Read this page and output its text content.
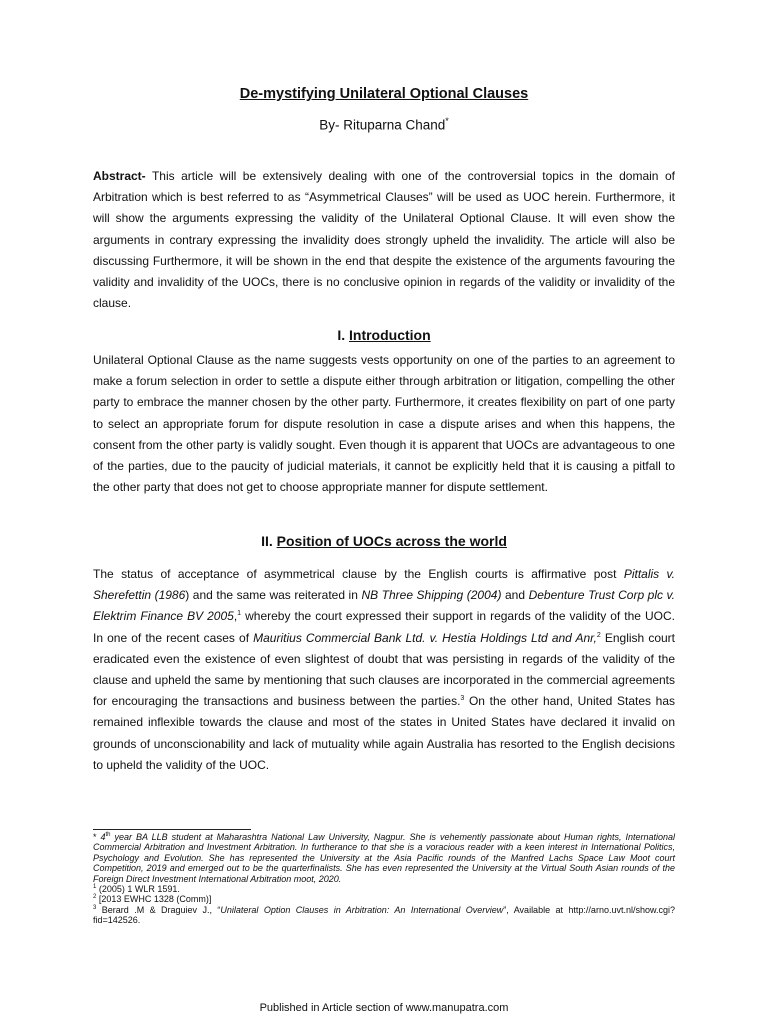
De-mystifying Unilateral Optional Clauses
By- Rituparna Chand*
Abstract- This article will be extensively dealing with one of the controversial topics in the domain of Arbitration which is best referred to as “Asymmetrical Clauses” will be used as UOC herein. Furthermore, it will show the arguments expressing the validity of the Unilateral Optional Clause. It will even show the arguments in contrary expressing the invalidity does strongly upheld the invalidity. The article will also be discussing Furthermore, it will be shown in the end that despite the existence of the arguments favouring the validity and invalidity of the UOCs, there is no conclusive opinion in regards of the validity or invalidity of the clause.
I. Introduction
Unilateral Optional Clause as the name suggests vests opportunity on one of the parties to an agreement to make a forum selection in order to settle a dispute either through arbitration or litigation, compelling the other party to embrace the manner chosen by the other party. Furthermore, it creates flexibility on part of one party to select an appropriate forum for dispute resolution in case a dispute arises and when this happens, the consent from the other party is validly sought. Even though it is apparent that UOCs are advantageous to one of the parties, due to the paucity of judicial materials, it cannot be explicitly held that it is causing a pitfall to the other party that does not get to choose appropriate manner for dispute settlement.
II. Position of UOCs across the world
The status of acceptance of asymmetrical clause by the English courts is affirmative post Pittalis v. Sherefettin (1986) and the same was reiterated in NB Three Shipping (2004) and Debenture Trust Corp plc v. Elektrim Finance BV 2005,$^1$ whereby the court expressed their support in regards of the validity of the UOC. In one of the recent cases of Mauritius Commercial Bank Ltd. v. Hestia Holdings Ltd and Anr,$^2$ English court eradicated even the existence of even slightest of doubt that was persisting in regards of the validity of the clause and upheld the same by mentioning that such clauses are incorporated in the commercial agreements for encouraging the transactions and business between the parties.$^3$ On the other hand, United States has remained inflexible towards the clause and most of the states in United States have declared it invalid on grounds of unconscionability and lack of mutuality while again Australia has resorted to the English decisions to upheld the validity of the UOC.

* 4th year BA LLB student at Maharashtra National Law University, Nagpur. She is vehemently passionate about Human rights, International Commercial Arbitration and Investment Arbitration. In furtherance to that she is a voracious reader with a keen interest in International Politics, Psychology and Evolution. She has represented the University at the Asia Pacific rounds of the Manfred Lachs Space Law Moot court Competition, 2019 and emerged out to be the quarterfinalists. She has even represented the University at the Virtual South Asian rounds of the Foreign Direct Investment International Arbitration moot, 2020.

$^1$ (2005) 1 WLR 1591.

$^2$ [2013 EWHC 1328 (Comm)]

$^3$ Berard .M & Draguiev J., “Unilateral Option Clauses in Arbitration: An International Overview”, Available at http://arno.uvt.nl/show.cgi?fid=142526.

Published in Article section of www.manupatra.com
